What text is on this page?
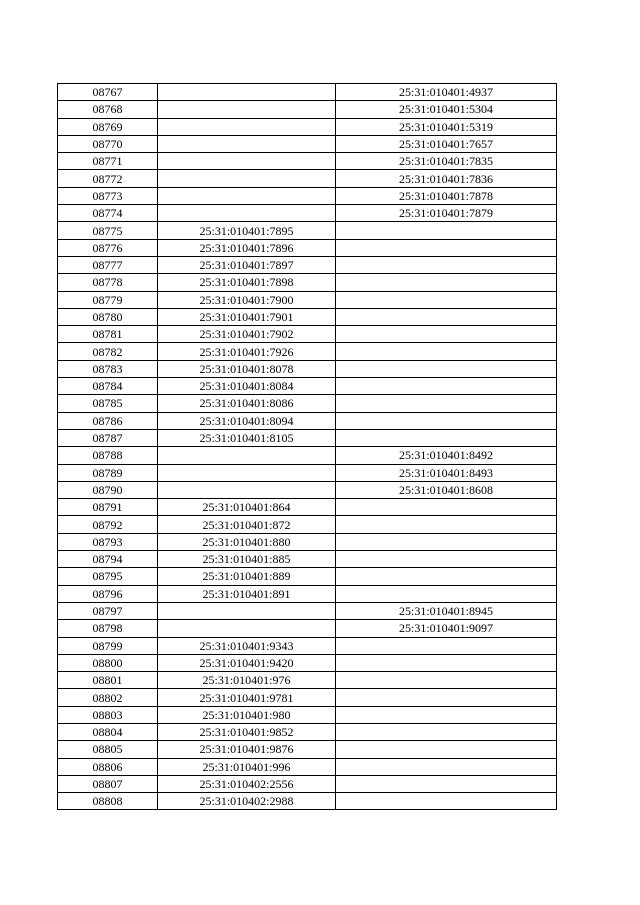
08767		25:31:010401:4937
08768		25:31:010401:5304
08769		25:31:010401:5319
08770		25:31:010401:7657
08771		25:31:010401:7835
08772		25:31:010401:7836
08773		25:31:010401:7878
08774		25:31:010401:7879
08775	25:31:010401:7895	
08776	25:31:010401:7896	
08777	25:31:010401:7897	
08778	25:31:010401:7898	
08779	25:31:010401:7900	
08780	25:31:010401:7901	
08781	25:31:010401:7902	
08782	25:31:010401:7926	
08783	25:31:010401:8078	
08784	25:31:010401:8084	
08785	25:31:010401:8086	
08786	25:31:010401:8094	
08787	25:31:010401:8105	
08788		25:31:010401:8492
08789		25:31:010401:8493
08790		25:31:010401:8608
08791	25:31:010401:864	
08792	25:31:010401:872	
08793	25:31:010401:880	
08794	25:31:010401:885	
08795	25:31:010401:889	
08796	25:31:010401:891	
08797		25:31:010401:8945
08798		25:31:010401:9097
08799	25:31:010401:9343	
08800	25:31:010401:9420	
08801	25:31:010401:976	
08802	25:31:010401:9781	
08803	25:31:010401:980	
08804	25:31:010401:9852	
08805	25:31:010401:9876	
08806	25:31:010401:996	
08807	25:31:010402:2556	
08808	25:31:010402:2988	
